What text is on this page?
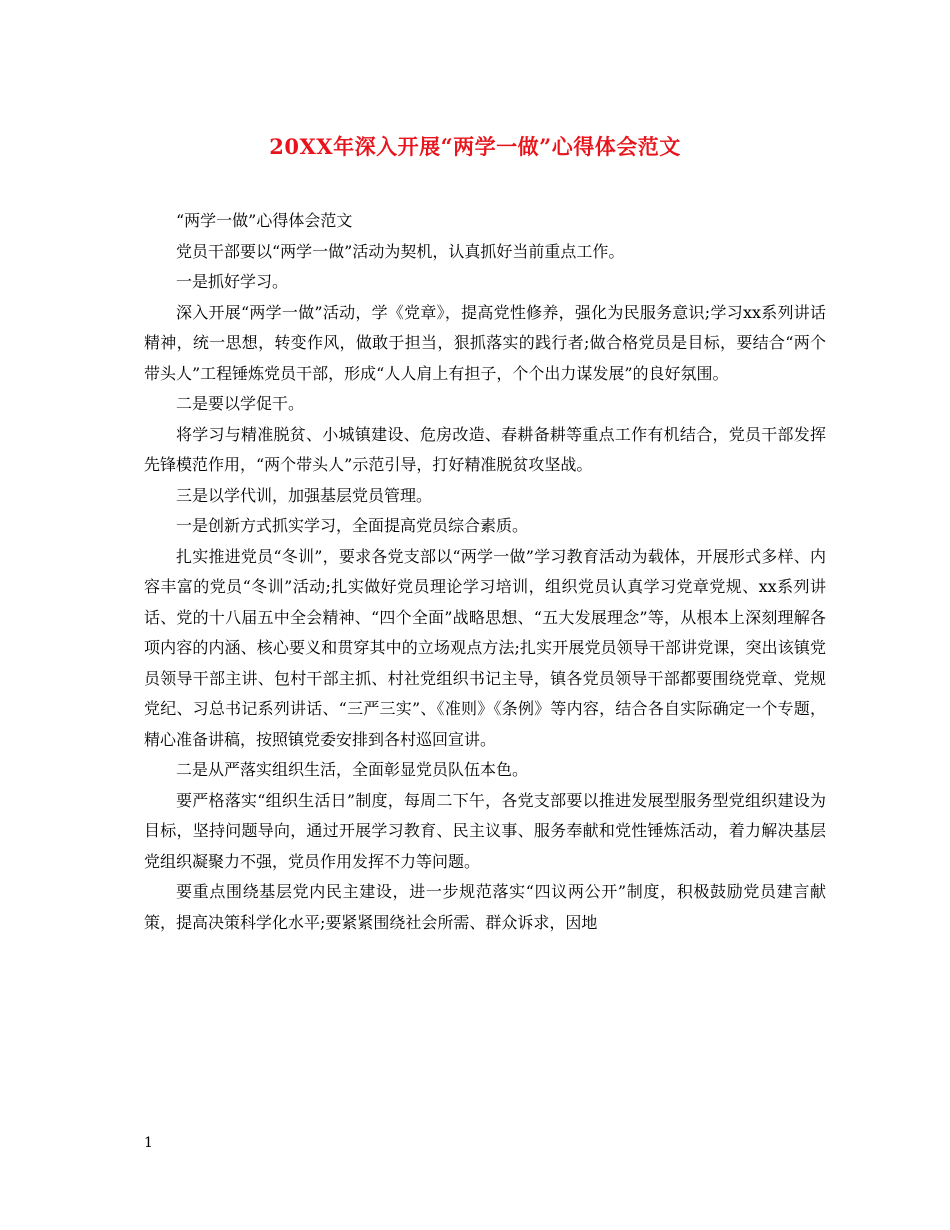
20XX年深入开展“两学一做”心得体会范文

“两学一做”心得体会范文

党员干部要以“两学一做”活动为契机，认真抓好当前重点工作。

一是抓好学习。

深入开展“两学一做”活动，学《党章》，提高党性修养，强化为民服务意识;学习xx系列讲话精神，统一思想，转变作风，做敢于担当，狠抓落实的践行者;做合格党员是目标，要结合“两个带头人”工程锤炼党员干部，形成“人人肩上有担子，个个出力谋发展”的良好氛围。

二是要以学促干。

将学习与精准脱贫、小城镇建设、危房改造、春耕备耕等重点工作有机结合，党员干部发挥先锋模范作用，“两个带头人”示范引导，打好精准脱贫攻坚战。

三是以学代训，加强基层党员管理。

一是创新方式抓实学习，全面提高党员综合素质。

扎实推进党员“冬训”，要求各党支部以“两学一做”学习教育活动为载体，开展形式多样、内容丰富的党员“冬训”活动;扎实做好党员理论学习培训，组织党员认真学习党章党规、xx系列讲话、党的十八届五中全会精神、“四个全面”战略思想、“五大发展理念”等，从根本上深刻理解各项内容的内涵、核心要义和贯穿其中的立场观点方法;扎实开展党员领导干部讲党课，突出该镇党员领导干部主讲、包村干部主抓、村社党组织书记主导，镇各党员领导干部都要围绕党章、党规党纪、习总书记系列讲话、“三严三实”、《准则》《条例》等内容，结合各自实际确定一个专题，精心准备讲稿，按照镇党委安排到各村巡回宣讲。

二是从严落实组织生活，全面彰显党员队伍本色。

要严格落实“组织生活日”制度，每周二下午，各党支部要以推进发展型服务型党组织建设为目标，坚持问题导向，通过开展学习教育、民主议事、服务奉献和党性锤炼活动，着力解决基层党组织凝聚力不强，党员作用发挥不力等问题。

要重点围绕基层党内民主建设，进一步规范落实“四议两公开”制度，积极鼓励党员建言献策，提高决策科学化水平;要紧紧围绕社会所需、群众诉求，因地

1
